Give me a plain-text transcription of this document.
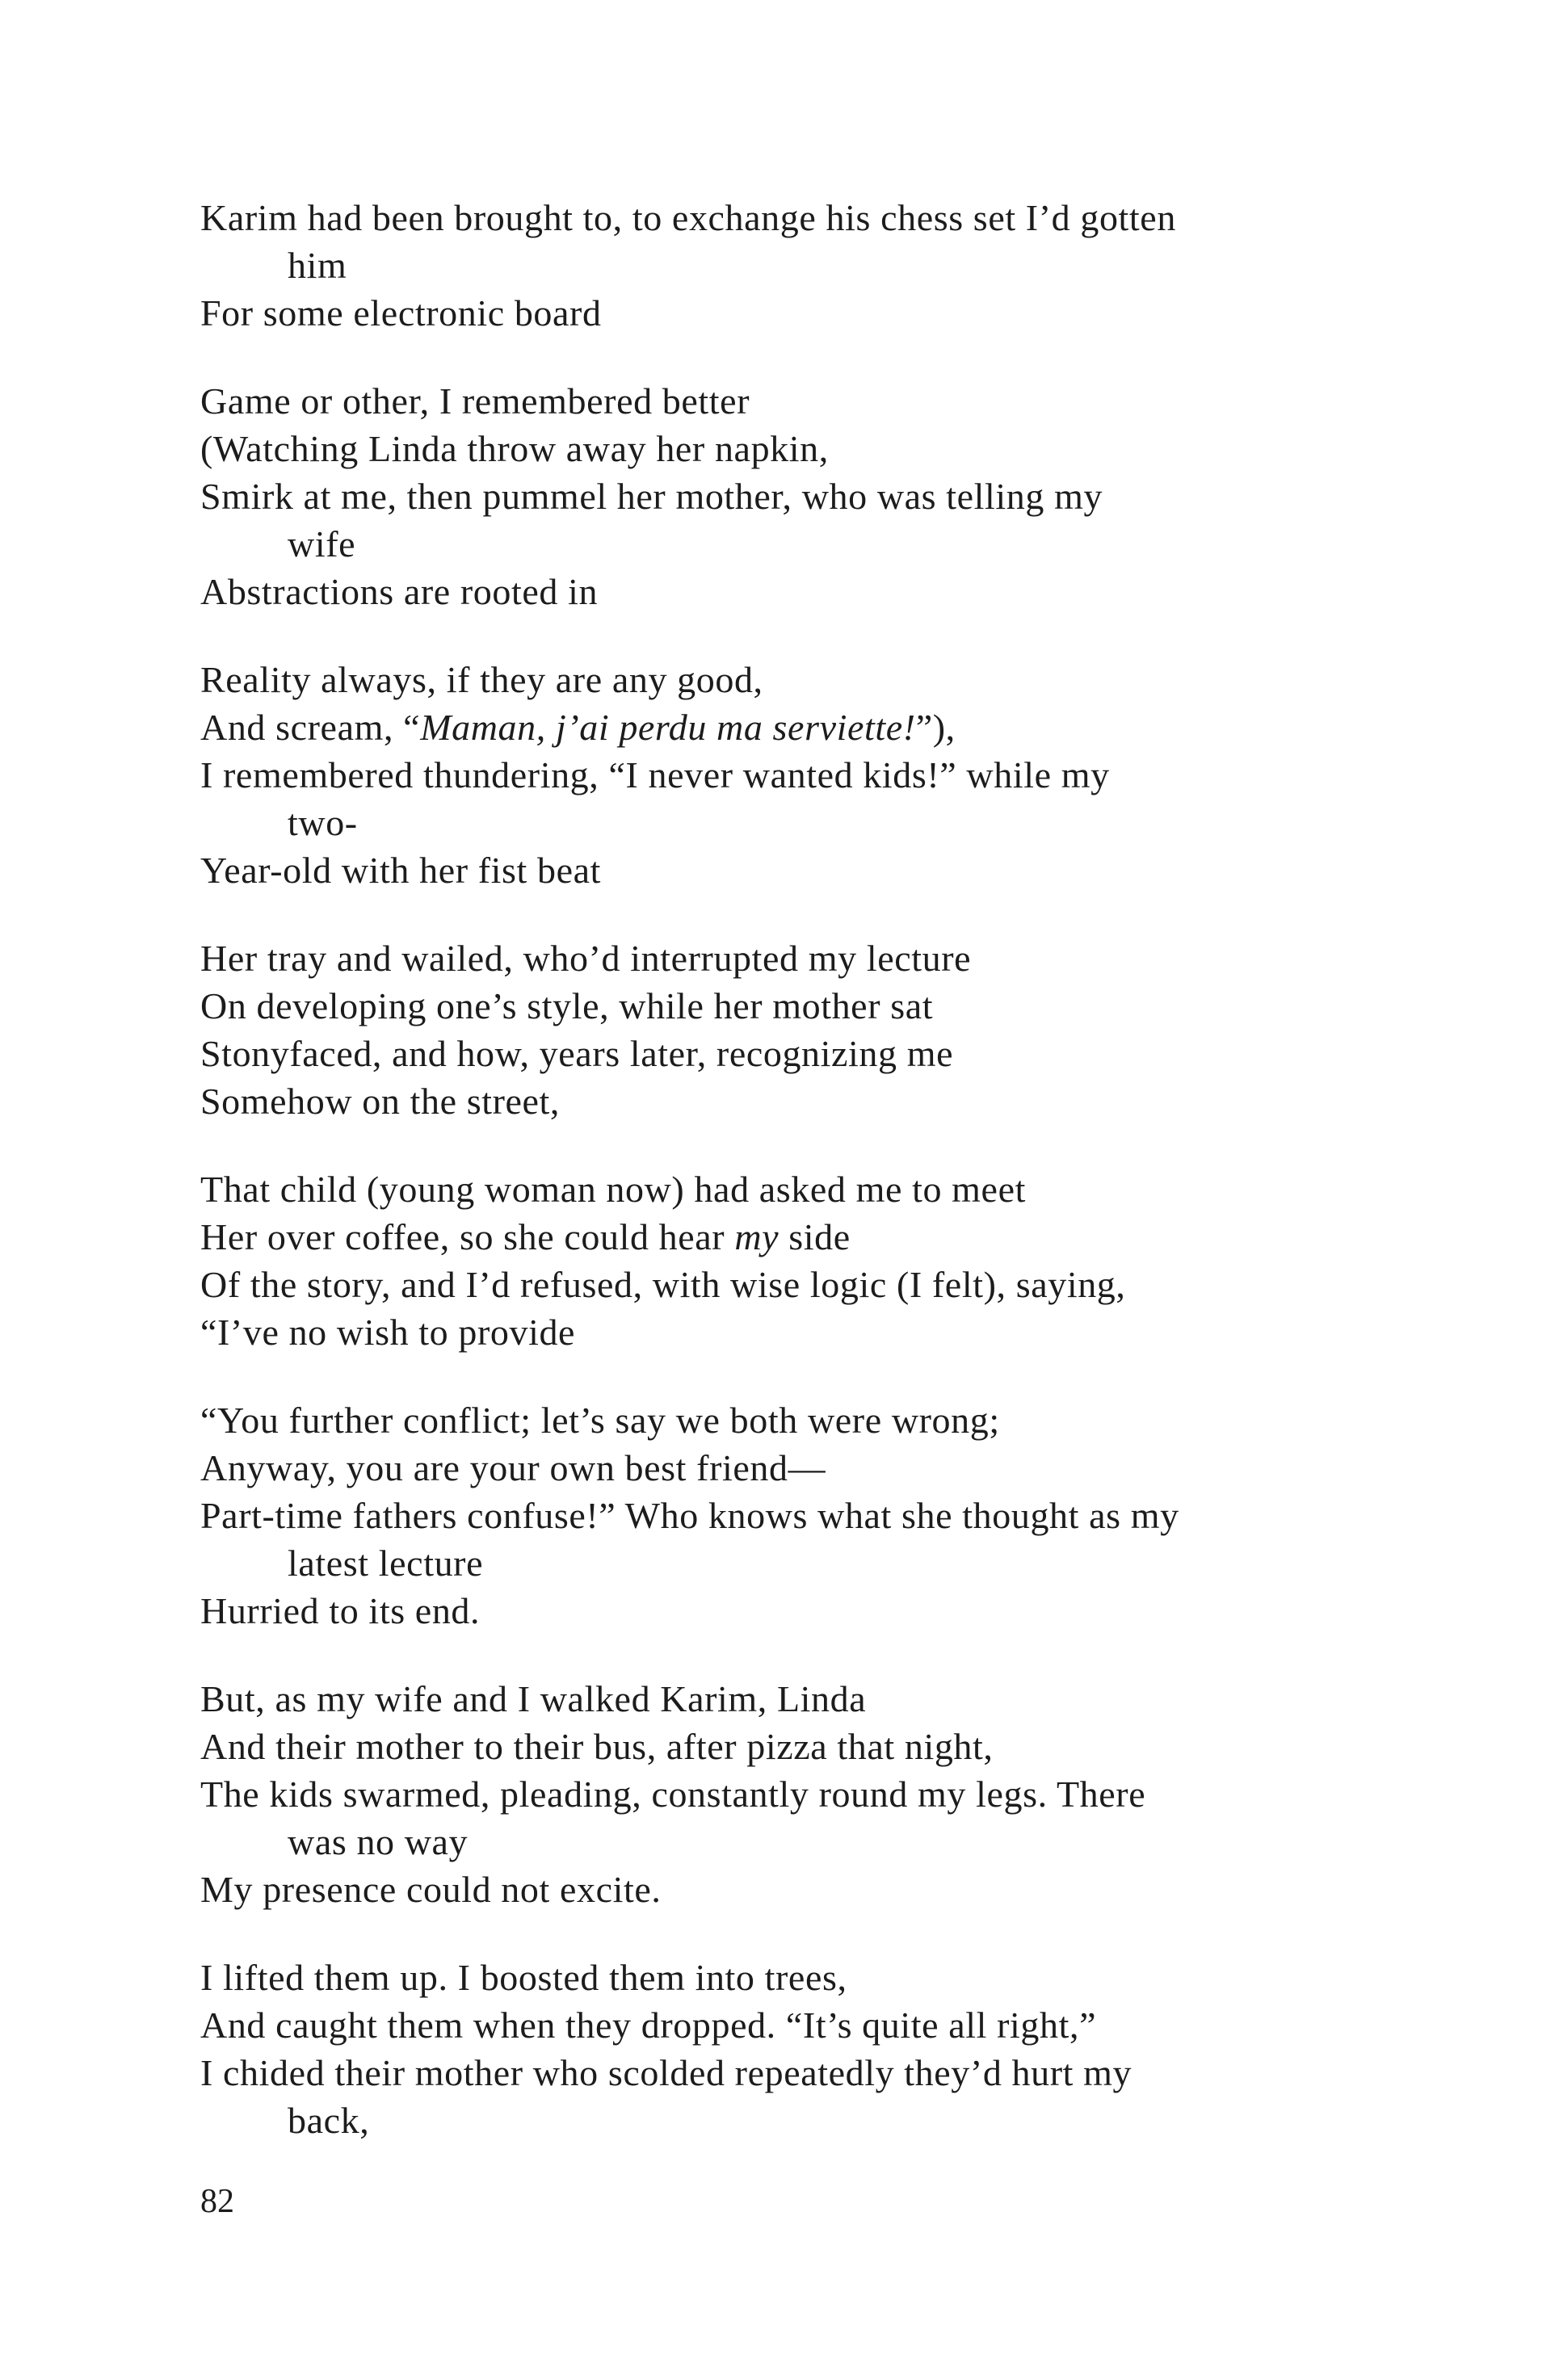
Karim had been brought to, to exchange his chess set I’d gotten
him
For some electronic board
Game or other, I remembered better
(Watching Linda throw away her napkin,
Smirk at me, then pummel her mother, who was telling my
wife
Abstractions are rooted in
Reality always, if they are any good,
And scream, “Maman, j’ai perdu ma serviette!”),
I remembered thundering, “I never wanted kids!” while my
two-
Year-old with her fist beat
Her tray and wailed, who’d interrupted my lecture
On developing one’s style, while her mother sat
Stonyfaced, and how, years later, recognizing me
Somehow on the street,
That child (young woman now) had asked me to meet
Her over coffee, so she could hear my side
Of the story, and I’d refused, with wise logic (I felt), saying,
“I’ve no wish to provide
“You further conflict; let’s say we both were wrong;
Anyway, you are your own best friend—
Part-time fathers confuse!” Who knows what she thought as my
latest lecture
Hurried to its end.
But, as my wife and I walked Karim, Linda
And their mother to their bus, after pizza that night,
The kids swarmed, pleading, constantly round my legs. There
was no way
My presence could not excite.
I lifted them up. I boosted them into trees,
And caught them when they dropped. “It’s quite all right,”
I chided their mother who scolded repeatedly they’d hurt my
back,
82
